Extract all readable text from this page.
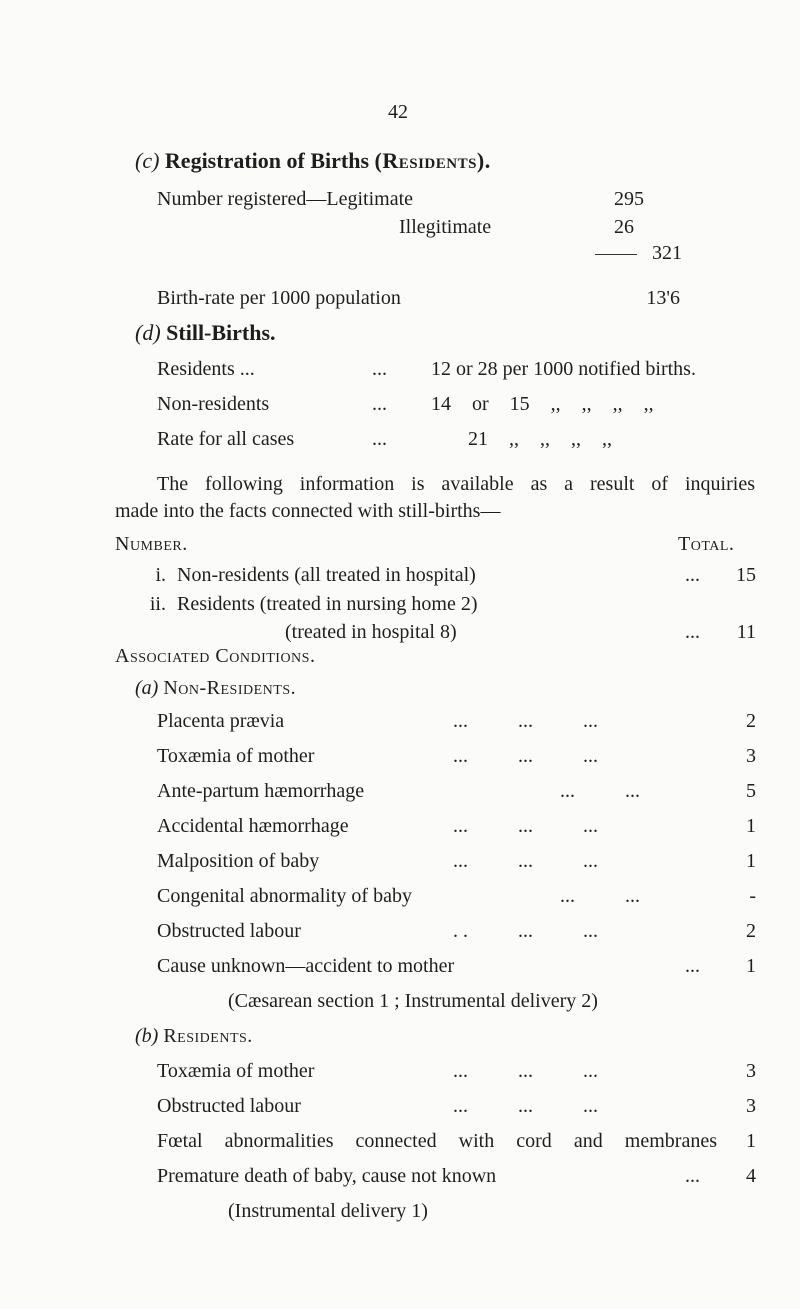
42
(c) Registration of Births (Residents).
Number registered—Legitimate	295
Illegitimate	26
321
Birth-rate per 1000 population	13'6
(d) Still-Births.
Residents ...	... 12 or 28 per 1000 notified births.
Non-residents	... 14 or 15 ,, ,, ,, ,,
Rate for all cases	...	21 ,, ,, ,, ,,
The following information is available as a result of inquiries
made into the facts connected with still-births—
Number.	Total.
i. Non-residents (all treated in hospital)	...	15
ii. Residents (treated in nursing home 2)
(treated in hospital 8)	...	11
Associated Conditions.
(a) Non-Residents.
Placenta prævia	...          ...          ...	2
Toxæmia of mother	...          ...          ...	3
Ante-partum hæmorrhage	...          ...	5
Accidental hæmorrhage	...          ...          ...	1
Malposition of baby	...          ...          ...	1
Congenital abnormality of baby	...          ...	-
Obstructed labour	. .          ...          ...	2
Cause unknown—accident to mother	...	1
(Cæsarean section 1 ; Instrumental delivery 2)
(b) Residents.
Toxæmia of mother	...          ...          ...	3
Obstructed labour	...          ...          ...	3
Fœtal abnormalities connected with cord and membranes	1
Premature death of baby, cause not known	...	4
(Instrumental delivery 1)
